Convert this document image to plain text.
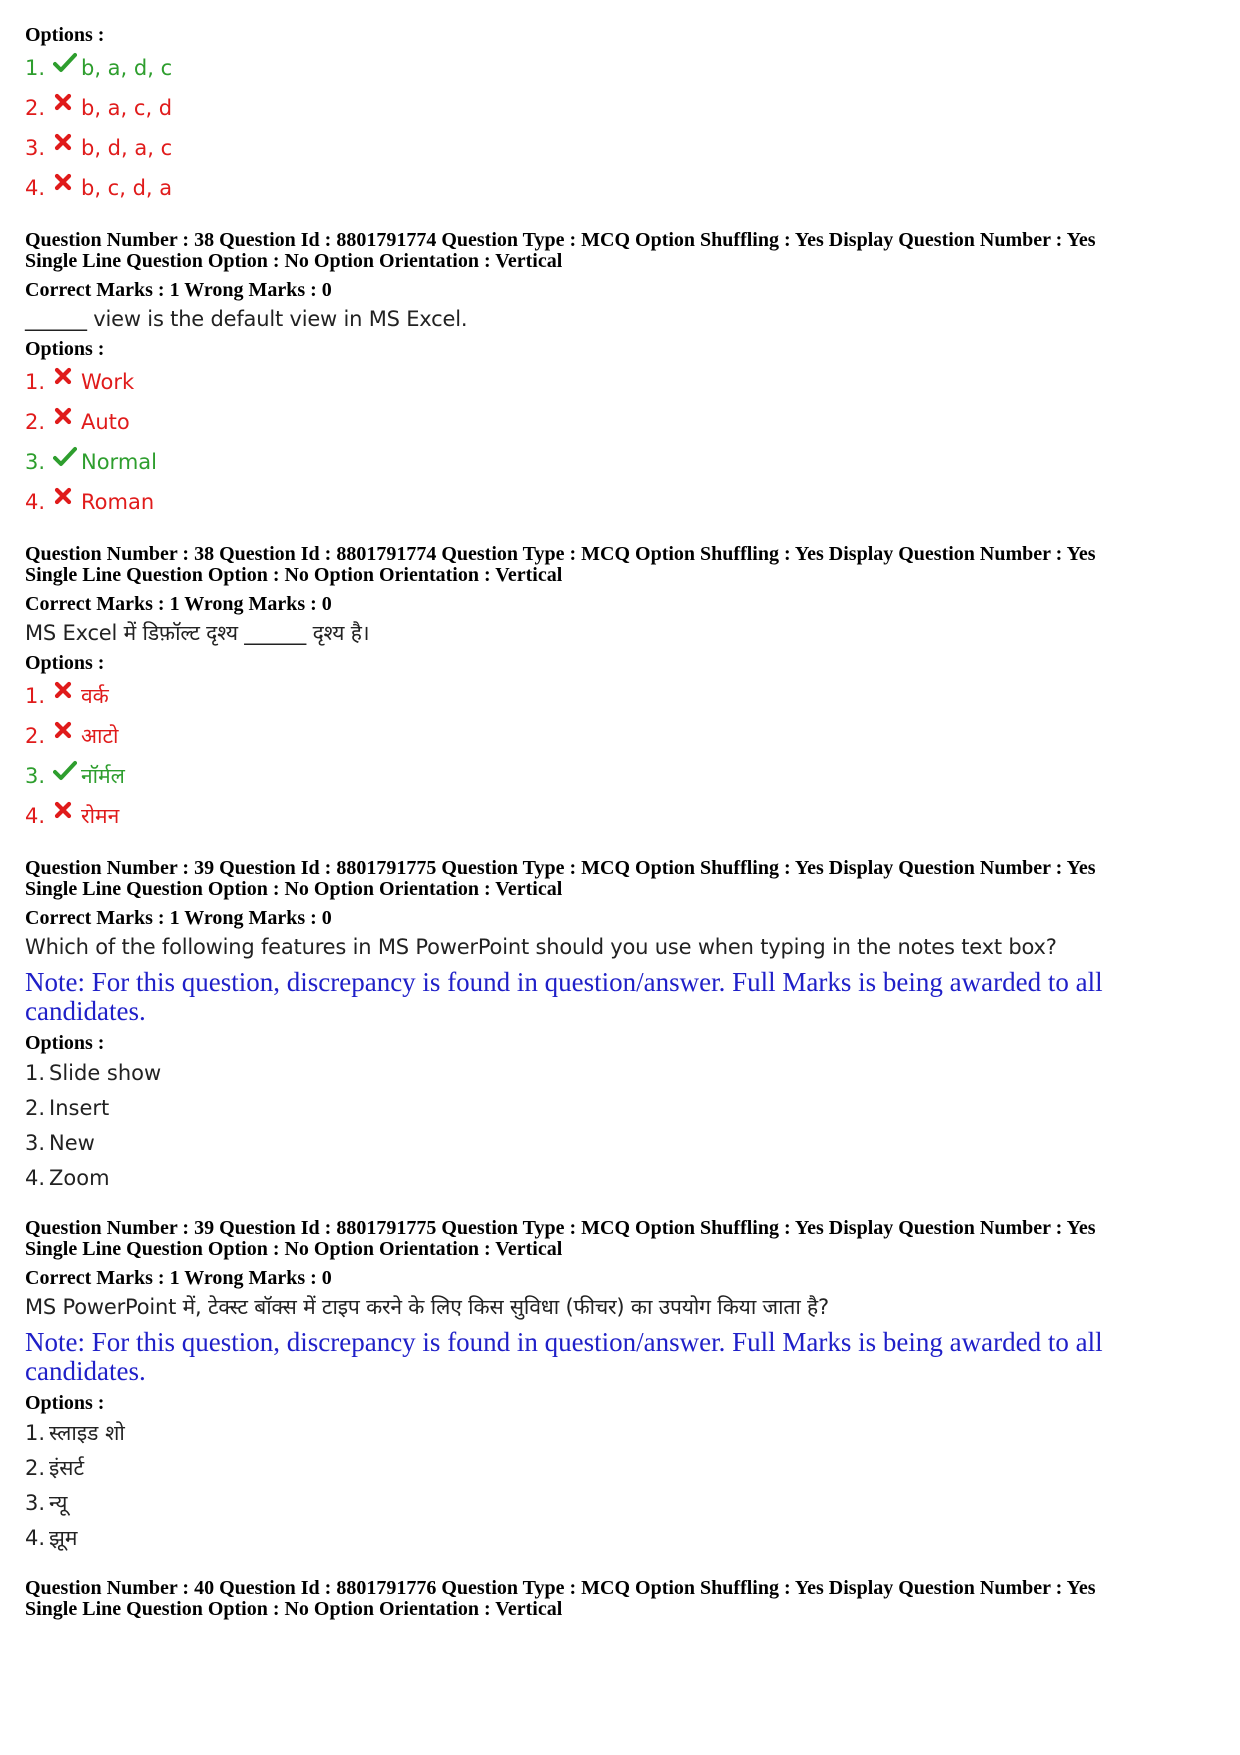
Options :
1.	b, a, d, c
2.	b, a, c, d
3.	b, d, a, c
4.	b, c, d, a
Question Number : 38 Question Id : 8801791774 Question Type : MCQ Option Shuffling : Yes Display Question Number : Yes
Single Line Question Option : No Option Orientation : Vertical
Correct Marks : 1 Wrong Marks : 0
______ view is the default view in MS Excel.
Options :
1.	Work
2.	Auto
3.	Normal
4.	Roman
Question Number : 38 Question Id : 8801791774 Question Type : MCQ Option Shuffling : Yes Display Question Number : Yes
Single Line Question Option : No Option Orientation : Vertical
Correct Marks : 1 Wrong Marks : 0
MS Excel में डिफ़ॉल्ट दृश्य ______ दृश्य है।
Options :
1.	वर्क
2.	आटो
3.	नॉर्मल
4.	रोमन
Question Number : 39 Question Id : 8801791775 Question Type : MCQ Option Shuffling : Yes Display Question Number : Yes
Single Line Question Option : No Option Orientation : Vertical
Correct Marks : 1 Wrong Marks : 0
Which of the following features in MS PowerPoint should you use when typing in the notes text box?
Note: For this question, discrepancy is found in question/answer. Full Marks is being awarded to all candidates.
Options :
1. Slide show
2. Insert
3. New
4. Zoom
Question Number : 39 Question Id : 8801791775 Question Type : MCQ Option Shuffling : Yes Display Question Number : Yes
Single Line Question Option : No Option Orientation : Vertical
Correct Marks : 1 Wrong Marks : 0
MS PowerPoint में, टेक्स्ट बॉक्स में टाइप करने के लिए किस सुविधा (फीचर) का उपयोग किया जाता है?
Note: For this question, discrepancy is found in question/answer. Full Marks is being awarded to all candidates.
Options :
1. स्लाइड शो
2. इंसर्ट
3. न्यू
4. झूम
Question Number : 40 Question Id : 8801791776 Question Type : MCQ Option Shuffling : Yes Display Question Number : Yes
Single Line Question Option : No Option Orientation : Vertical
